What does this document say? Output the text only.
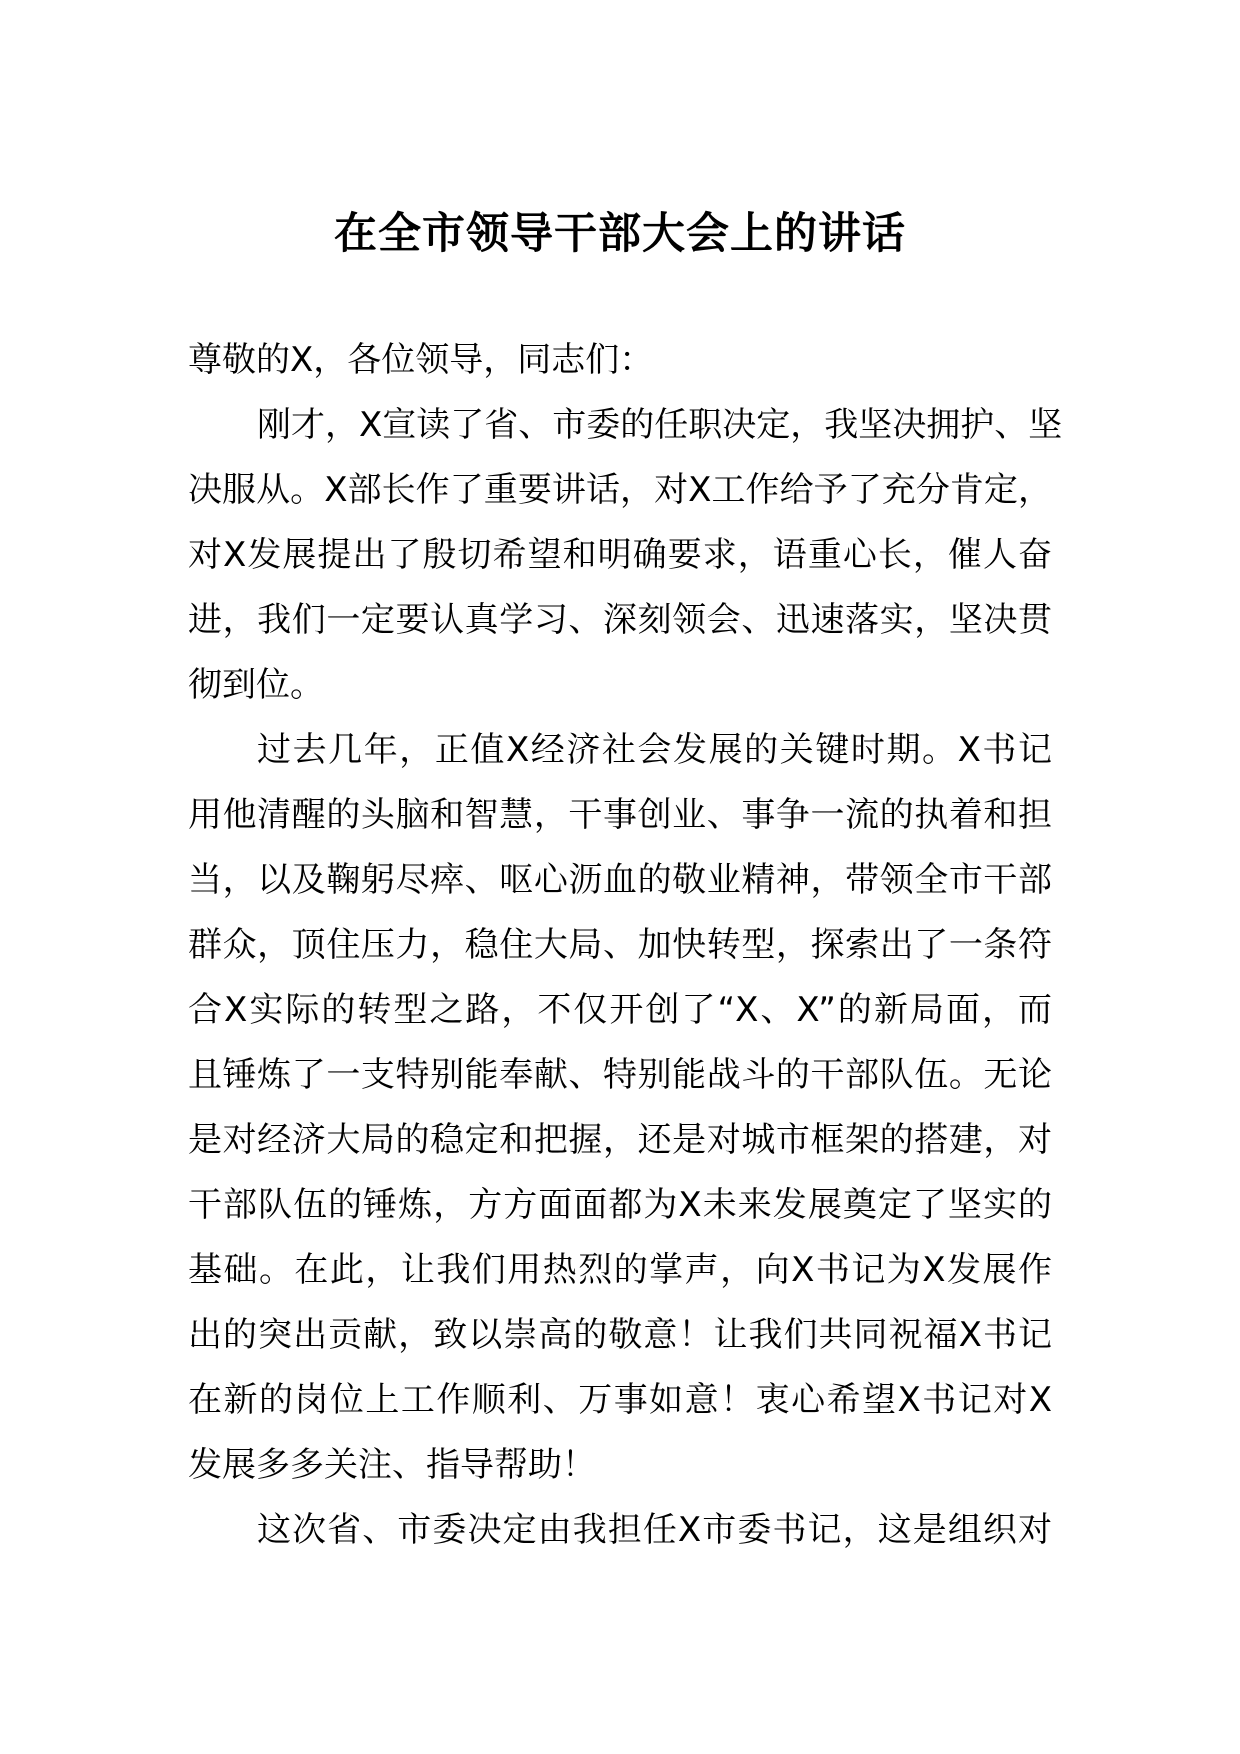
在全市领导干部大会上的讲话
尊敬的X，各位领导，同志们：
刚才，X宣读了省、市委的任职决定，我坚决拥护、坚
决服从。X部长作了重要讲话，对X工作给予了充分肯定，
对X发展提出了殷切希望和明确要求，语重心长，催人奋
进，我们一定要认真学习、深刻领会、迅速落实，坚决贯
彻到位。
过去几年，正值X经济社会发展的关键时期。X书记
用他清醒的头脑和智慧，干事创业、事争一流的执着和担
当，以及鞠躬尽瘁、呕心沥血的敬业精神，带领全市干部
群众，顶住压力，稳住大局、加快转型，探索出了一条符
合X实际的转型之路，不仅开创了“X、X”的新局面，而
且锤炼了一支特别能奉献、特别能战斗的干部队伍。无论
是对经济大局的稳定和把握，还是对城市框架的搭建，对
干部队伍的锤炼，方方面面都为X未来发展奠定了坚实的
基础。在此，让我们用热烈的掌声，向X书记为X发展作
出的突出贡献，致以崇高的敬意！让我们共同祝福X书记
在新的岗位上工作顺利、万事如意！衷心希望X书记对X
发展多多关注、指导帮助！
这次省、市委决定由我担任X市委书记，这是组织对
